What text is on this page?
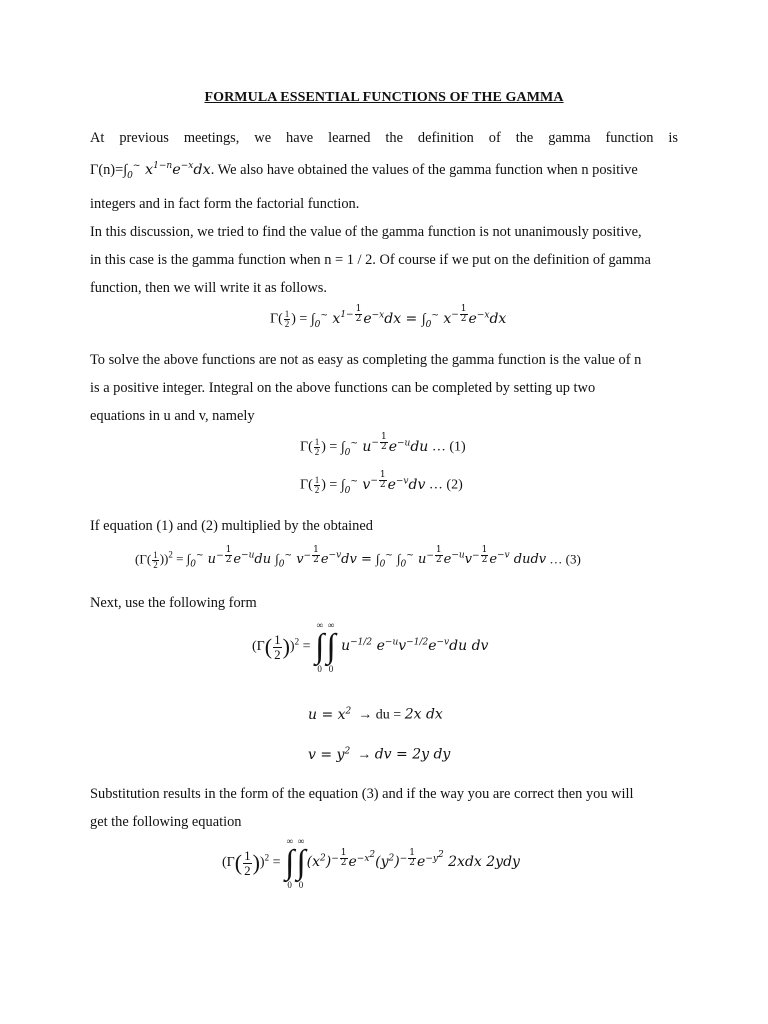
FORMULA ESSENTIAL FUNCTIONS OF THE GAMMA
At previous meetings, we have learned the definition of the gamma function is
$\Gamma(n)=\int_0^\sim$ $x^{1-n}e^{-x}dx$. We also have obtained the values of the gamma function when n positive
integers and in fact form the factorial function.
In this discussion, we tried to find the value of the gamma function is not unanimously positive,
in this case is the gamma function when n = 1 / 2. Of course if we put on the definition of gamma
function, then we will write it as follows.
$\Gamma( \frac{1}{2}$ ) = $\int_0^\sim$ $x^{1- \frac{1}{2}}$ $e^{-x}dx = \int_0^\sim$ $x^{- \frac{1}{2}}$ $e^{-x}dx$
To solve the above functions are not as easy as completing the gamma function is the value of n
is a positive integer. Integral on the above functions can be completed by setting up two
equations in u and v, namely
$\Gamma( \frac{1}{2}$ ) = $\int_0^\sim$ $u^{- \frac{1}{2}}$ $e^{-u}du$ … (1)
$\Gamma( \frac{1}{2}$ ) = $\int_0^\sim$ $v^{- \frac{1}{2}}$ $e^{-v}dv$ … (2)
If equation (1) and (2) multiplied by the obtained
$(\Gamma( \frac{1}{2} ))^2 = \int_0^\sim$ $u^{- \frac{1}{2}}$ $e^{-u}du$ $\int_0^\sim$ $v^{- \frac{1}{2}}$ $e^{-v}dv = \int_0^\sim$ $\int_0^\sim$ $u^{- \frac{1}{2}}$ $e^{-u}v^{- \frac{1}{2}}$ $e^{-v}$ dudv … (3)
Next, use the following form
$(\Gamma( \frac{1}{2} ))^2$ =
∞
∫
0
∞
∫
0
$u^{-1/2}$ $e^{-u}v^{-1/2}e^{-v}du$ dv
$u = x^2$  → du = 2x dx
$v = y^2$  → dv = 2y dy
Substitution results in the form of the equation (3) and if the way you are correct then you will
get the following equation
$(\Gamma( \frac{1}{2} ))^2$ =
∞
∫
0
∞
∫
0
$(x^2)^{- \frac{1}{2}}$ $e^{-x^2}(y^2)^{- \frac{1}{2}}$ $e^{-y^2}$ 2xdx 2ydy
